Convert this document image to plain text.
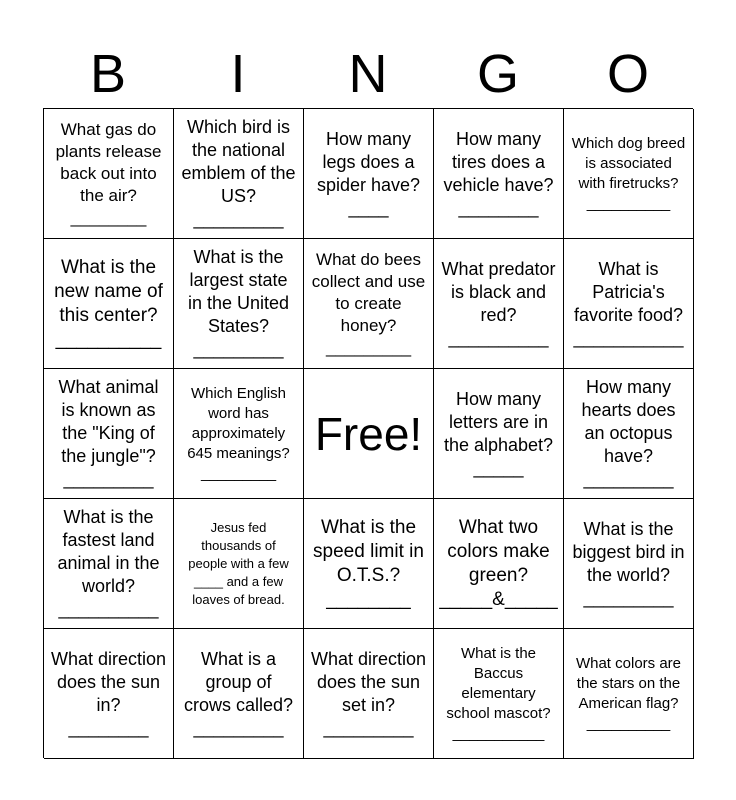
B	I	N	G	O
What gas do plants release back out into the air?
________
Which bird is the national emblem of the US?
_________
How many legs does a spider have?
____
How many tires does a vehicle have?
________
Which dog breed is associated with firetrucks?
__________
What is the new name of this center?
__________
What is the largest state in the United States?
_________
What do bees collect and use to create honey?
_________
What predator is black and red?
__________
What is Patricia's favorite food?
___________
What animal is known as the "King of the jungle"?
_________
Which English word has approximately 645 meanings?
_________
Free!
How many letters are in the alphabet?
_____
How many hearts does an octopus have?
_________
What is the fastest land animal in the world?
__________
Jesus fed thousands of people with a few ____ and a few loaves of bread.
What is the speed limit in O.T.S.?
________
What two colors make green?
_____&_____
What is the biggest bird in the world?
_________
What direction does the sun in?
________
What is a group of crows called?
_________
What direction does the sun set in?
_________
What is the Baccus elementary school mascot?
___________
What colors are the stars on the American flag?
__________
